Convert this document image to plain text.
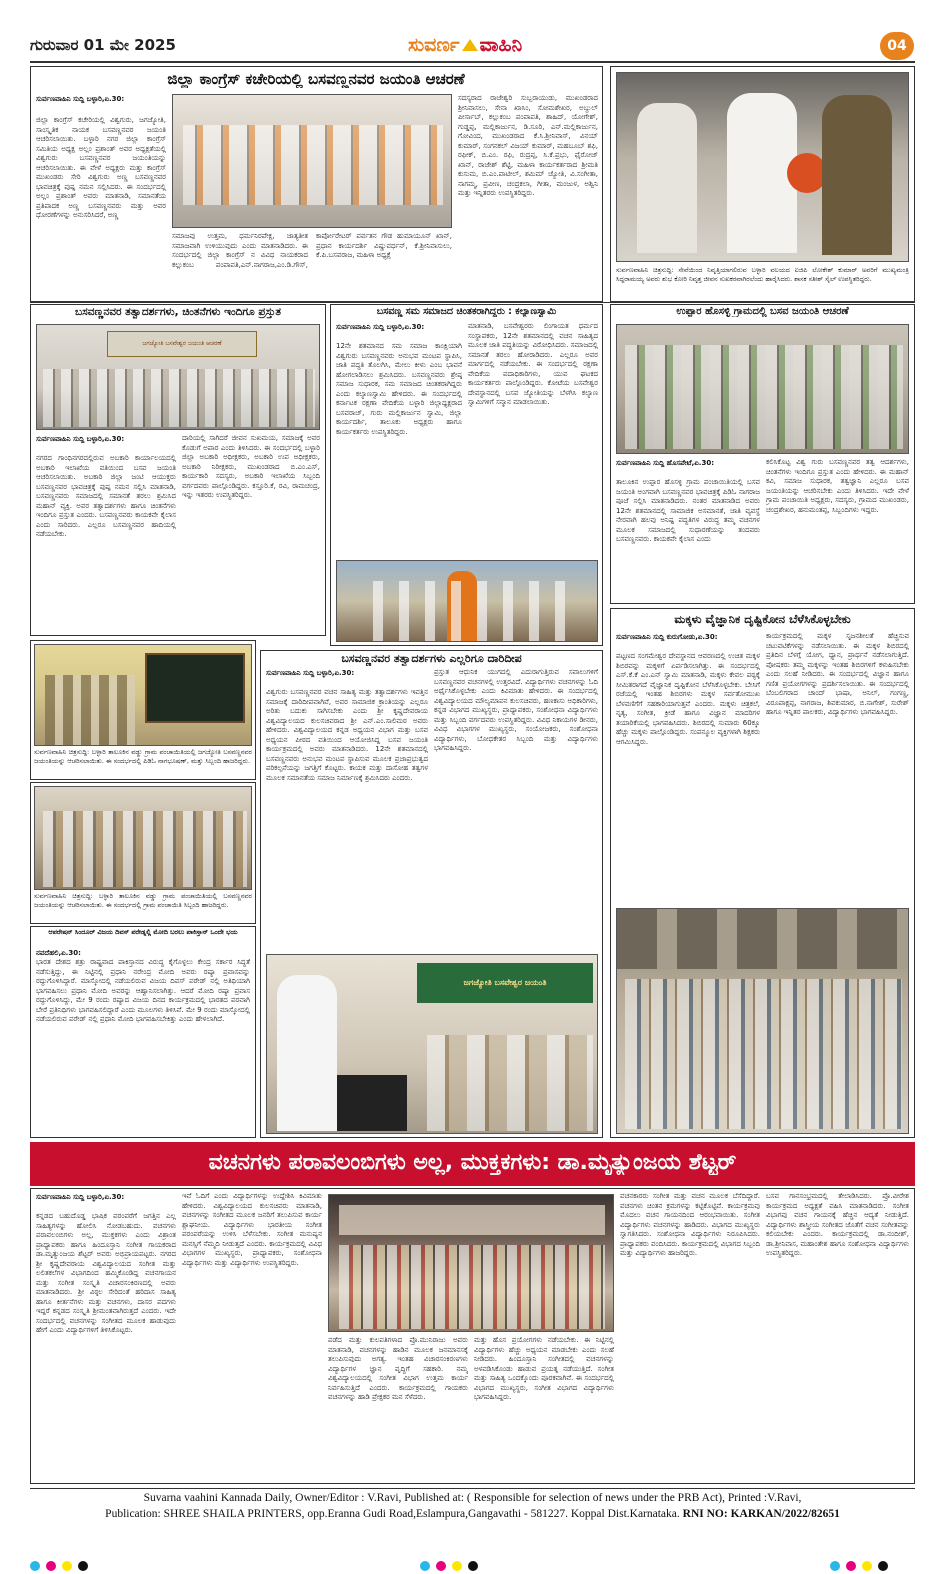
ಗುರುವಾರ 01 ಮೇ 2025	ಸುವರ್ಣ ವಾಹಿನಿ	04
ಜಿಲ್ಲಾ ಕಾಂಗ್ರೆಸ್ ಕಚೇರಿಯಲ್ಲಿ ಬಸವಣ್ಣನವರ ಜಯಂತಿ ಆಚರಣೆ
ಸುರ್ವಣವಾಹಿನಿ ಸುದ್ದಿ ಬಳ್ಳಾರಿ,ಏ.30:
ಜಿಲ್ಲಾ ಕಾಂಗ್ರೆಸ್ ಕಚೇರಿಯಲ್ಲಿ ವಿಶ್ವಗುರು, ಜಗಜ್ಯೋತಿ, ಸಾಂಸ್ಕೃತಿಕ ನಾಯಕ ಬಸವಣ್ಣನವರ ಜಯಂತಿ ಆಚರಿಸಲಾಯಿತು. ಬಳ್ಳಾರಿ ನಗರ ಜಿಲ್ಲಾ ಕಾಂಗ್ರೆಸ್ ಸಮಿತಿಯ ಅಧ್ಯಕ್ಷ ಅಲ್ಲಂ ಪ್ರಶಾಂತ್ ಅವರ ಅಧ್ಯಕ್ಷತೆಯಲ್ಲಿ ವಿಶ್ವಗುರು ಬಸವಣ್ಣನವರ ಜಯಂತಿಯನ್ನು ಆಚರಿಸಲಾಯಿತು. ಈ ವೇಳೆ ಅಧ್ಯಕ್ಷರು ಮತ್ತು ಕಾಂಗ್ರೆಸ್ ಮುಖಂಡರು ಸೇರಿ ವಿಶ್ವಗುರು ಅಣ್ಣ ಬಸವಣ್ಣನವರ ಭಾವಚಿತ್ರಕ್ಕೆ ಪುಷ್ಪ ನಮನ ಸಲ್ಲಿಸಿದರು. ಈ ಸಂದರ್ಭದಲ್ಲಿ ಅಲ್ಲಂ ಪ್ರಶಾಂತ್ ಅವರು ಮಾತನಾಡಿ, ಸಮಾನತೆಯ ಪ್ರತಿಪಾದಕ ಅಣ್ಣ ಬಸವಣ್ಣನವರು ಮತ್ತು ಅವರ ಧೋರಣೆಗಳನ್ನು ಅನುಸರಿಸಿದರೆ, ಅಣ್ಣ
ಸಮಾಜವು ಉತ್ತಮ, ಧರ್ಮನಿರಪೇಕ್ಷ, ಜಾತ್ಯತೀತ ಸಮಾಜವಾಗಿ ಉಳಿಯುವುದು ಎಂದು ಮಾತನಾಡಿದರು. ಈ ಸಂದರ್ಭದಲ್ಲಿ ಜಿಲ್ಲಾ ಕಾಂಗ್ರೆಸ್ ನ ವಿವಿಧ ನಾಯಕರಾದ ಕಲ್ಲುಕಂಬ ಪಂಪಾಪತಿ,ಎನ್.ನಾಗರಾಜ,ಎಂ.ಡಿ.ಗೌಸ್, ಕಾರ್ಪೋರೇಟರ್ ಪರ್ವತನ ಗೌಡ ಹುಮಾಯೂನ್ ಖಾನ್, ಪ್ರಧಾನ ಕಾರ್ಯದರ್ಶಿ ವಿಷ್ಣುವರ್ಧನ್, ಕೆ.ಶ್ರೀನಿವಾಸುಲು, ಕೆ.ಪಿ.ಬಸವರಾಜ, ಮಹಿಳಾ ಅಧ್ಯಕ್ಷೆ
ಸದಸ್ಯರಾದ ರಾಜೇಶ್ವರಿ ಸುಬ್ಬರಾಯುಡು, ಮುಖಂಡರಾದ ಶ್ರೀನಿವಾಸಲು, ಸೇನಾ ಖಾಸಿಂ, ಸೋಮಶೇಖರ, ಅಬ್ದುಲ್ ಪೀರ್ಸಾಬ್, ಕಲ್ಲುಕಂಬ ಪಂಪಾಪತಿ, ಶಾಹಿದ್, ಯೋಗೇಶ್, ಗುಡ್ಡಪ್ಪ, ಮಲ್ಲಿಕಾರ್ಜುನ, ಡಿ.ಸೂರಿ, ಎನ್.ಮಲ್ಲಿಕಾರ್ಜುನ, ಗೋವಿಂದ, ಮುಖಂಡರಾದ ಕೆ.ಸಿ.ಶ್ರೀನಿವಾಸ್, ವಿನಯ್ ಕುಮಾರ್, ಸಂಗನಕಲ್ ವಿಜಯ್ ಕುಮಾರ್, ಮಹಬೂಬ್ ಶಫಿ, ರಫೀಕ್, ಬಿ.ಎಂ. ರಫಿ, ರುದ್ರಪ್ಪ, ಸಿ.ಕೆ.ಪ್ರಭು, ಫೈರೋಜ್ ಖಾನ್, ರಾಜೇಶ್ ಶೆಟ್ಟಿ, ಮಹಿಳಾ ಕಾರ್ಯಕರ್ತರಾದ ಶ್ರೀಮತಿ ಕುಸುಮ, ಬಿ.ಎಂ.ಪಾಟೀಲ್, ಶಮಿಮ್ ಜ್ಯೋತಿ, ವಿ.ಸಂಗೀತಾ, ನಾಗಮ್ಮ, ಪ್ರವೀಣ, ಚಂದ್ರಕಲಾ, ಗೀತಾ, ಮಂಜುಳ, ಅಶ್ವಿನಿ ಮತ್ತು ಇನ್ನಿತರರು ಉಪಸ್ಥಿತರಿದ್ದರು.
ಸುರ್ವಣವಾಹಿನಿ ಚಿತ್ರಸುದ್ದಿ: ಸೇವೆಯಿಂದ ನಿವೃತ್ತಿಯಾಗಲಿರುವ ಬಳ್ಳಾರಿ ವಲಯದ ಐಜಿಪಿ ಲೋಕೇಶ್ ಕುಮಾರ್ ಅವರಿಗೆ ಮುಖ್ಯಮಂತ್ರಿ ಸಿದ್ದರಾಮಯ್ಯ ಅವರು ಶುಭ ಕೋರಿ ನಿವೃತ್ತ ಜೀವನ ಸುಖಕರವಾಗಿರಲೆಂದು ಹಾರೈಸಿದರು. ಶಾಸಕ ಸತೀಶ್ ಸೈಲ್ ಉಪಸ್ಥಿತರಿದ್ದರು.
ಬಸವಣ್ಣನವರ ತತ್ವಾದರ್ಶಗಳು, ಚಿಂತನೆಗಳು ಇಂದಿಗೂ ಪ್ರಸ್ತುತ
ಜಗಜ್ಯೋತಿ ಬಸವೇಶ್ವರ ಜಯಂತಿ ಆಚರಣೆ
ಸುರ್ವಣವಾಹಿನಿ ಸುದ್ದಿ ಬಳ್ಳಾರಿ,ಏ.30:
ನಗರದ ಗಾಂಧಿನಗರದಲ್ಲಿರುವ ಅಬಕಾರಿ ಕಾರ್ಯಾಲಯದಲ್ಲಿ ಅಬಕಾರಿ ಇಲಾಖೆಯ ವತಿಯಿಂದ ಬಸವ ಜಯಂತಿ ಆಚರಿಸಲಾಯಿತು. ಅಬಕಾರಿ ಜಿಲ್ಲಾ ಜಂಟಿ ಆಯುಕ್ತರು ಬಸವಣ್ಣನವರ ಭಾವಚಿತ್ರಕ್ಕೆ ಪುಷ್ಪ ನಮನ ಸಲ್ಲಿಸಿ ಮಾತನಾಡಿ, ಬಸವಣ್ಣನವರು ಸಮಾಜದಲ್ಲಿ ಸಮಾನತೆ ತರಲು ಶ್ರಮಿಸಿದ ಮಹಾನ್ ವ್ಯಕ್ತಿ. ಅವರ ತತ್ವಾದರ್ಶಗಳು ಹಾಗೂ ಚಿಂತನೆಗಳು ಇಂದಿಗೂ ಪ್ರಸ್ತುತ ಎಂದರು. ಬಸವಣ್ಣನವರು ಕಾಯಕವೇ ಕೈಲಾಸ ಎಂದು ಸಾರಿದರು. ಎಲ್ಲರೂ ಬಸವಣ್ಣನವರ ಹಾದಿಯಲ್ಲಿ ನಡೆಯಬೇಕು.
ದಾರಿಯಲ್ಲಿ ಸಾಗಿದರೆ ಜೀವನ ಸುಖಮಯ, ಸಮಾಜಕ್ಕೆ ಅವರ ಕೊಡುಗೆ ಅಪಾರ ಎಂದು ತಿಳಿಸಿದರು. ಈ ಸಂದರ್ಭದಲ್ಲಿ ಬಳ್ಳಾರಿ ಜಿಲ್ಲಾ ಅಬಕಾರಿ ಅಧೀಕ್ಷಕರು, ಅಬಕಾರಿ ಉಪ ಅಧೀಕ್ಷಕರು, ಅಬಕಾರಿ ನಿರೀಕ್ಷಕರು, ಮುಖಂಡರಾದ ಬಿ.ಎಂ.ಎಸ್, ಕಾರ್ಯಕಾರಿ ಸದಸ್ಯರು, ಅಬಕಾರಿ ಇಲಾಖೆಯ ಸಿಬ್ಬಂದಿ ವರ್ಗದವರು ಪಾಲ್ಗೊಂಡಿದ್ದರು. ಕಸ್ತೂರಿ.ಕೆ, ರವಿ, ರಾಮಚಂದ್ರ, ಇನ್ನು ಇತರರು ಉಪಸ್ಥಿತರಿದ್ದರು.
ಬಸವಣ್ಣ ಸಮ ಸಮಾಜದ ಚಿಂತಕರಾಗಿದ್ದರು : ಕಲ್ಯಾಣಸ್ವಾಮಿ
ಸುರ್ವಣವಾಹಿನಿ ಸುದ್ದಿ ಬಳ್ಳಾರಿ,ಏ.30:
12ನೇ ಶತಮಾನದ ಸಮ ಸಮಾಜ ಕಾಂಕ್ಷಿಯಾಗಿ ವಿಶ್ವಗುರು ಬಸವಣ್ಣನವರು ಅನುಭವ ಮಂಟಪ ಸ್ಥಾಪಿಸಿ, ಜಾತಿ ಪದ್ಧತಿ ತೊಲಗಿಸಿ, ಮೇಲು ಕೀಳು ಎಂಬ ಭಾವನೆ ಹೋಗಲಾಡಿಸಲು ಶ್ರಮಿಸಿದರು. ಬಸವಣ್ಣನವರು ಶ್ರೇಷ್ಠ ಸಮಾಜ ಸುಧಾರಕ, ಸಮ ಸಮಾಜದ ಚಿಂತಕರಾಗಿದ್ದರು ಎಂದು ಕಲ್ಯಾಣಸ್ವಾಮಿ ಹೇಳಿದರು. ಈ ಸಂದರ್ಭದಲ್ಲಿ ಕರ್ನಾಟಕ ರಕ್ಷಣಾ ವೇದಿಕೆಯ ಬಳ್ಳಾರಿ ಜಿಲ್ಲಾಧ್ಯಕ್ಷರಾದ ಬಸವರಾಜ್, ಗುರು ಮಲ್ಲಿಕಾರ್ಜುನ ಸ್ವಾಮಿ, ಜಿಲ್ಲಾ ಕಾರ್ಯದರ್ಶಿ, ತಾಲೂಕು ಅಧ್ಯಕ್ಷರು ಹಾಗೂ ಕಾರ್ಯಕರ್ತರು ಉಪಸ್ಥಿತರಿದ್ದರು.
ಮಾತನಾಡಿ, ಬಸವೇಶ್ವರರು ಲಿಂಗಾಯತ ಧರ್ಮದ ಸಂಸ್ಥಾಪಕರು, 12ನೇ ಶತಮಾನದಲ್ಲಿ ವಚನ ಸಾಹಿತ್ಯದ ಮೂಲಕ ಜಾತಿ ಪದ್ಧತಿಯನ್ನು ವಿರೋಧಿಸಿದರು. ಸಮಾಜದಲ್ಲಿ ಸಮಾನತೆ ತರಲು ಹೋರಾಡಿದರು. ಎಲ್ಲರೂ ಅವರ ಮಾರ್ಗದಲ್ಲಿ ನಡೆಯಬೇಕು. ಈ ಸಂದರ್ಭದಲ್ಲಿ ರಕ್ಷಣಾ ವೇದಿಕೆಯ ಪದಾಧಿಕಾರಿಗಳು, ಯುವ ಘಟಕದ ಕಾರ್ಯಕರ್ತರು ಪಾಲ್ಗೊಂಡಿದ್ದರು. ಕೋಟೆಯ ಬಸವೇಶ್ವರ ದೇವಸ್ಥಾನದಲ್ಲಿ ಬಸವ ಜ್ಯೋತಿಯನ್ನು ಬೆಳಗಿಸಿ ಕಲ್ಯಾಣ ಸ್ವಾಮಿಗಳಿಗೆ ಸನ್ಮಾನ ಮಾಡಲಾಯಿತು.
ಉಪ್ಪಾರ ಹೊಸಳ್ಳಿ ಗ್ರಾಮದಲ್ಲಿ ಬಸವ ಜಯಂತಿ ಆಚರಣೆ
ಸುರ್ವಣವಾಹಿನಿ ಸುದ್ದಿ ಹೊಸಪೇಟೆ,ಏ.30:
ತಾಲೂಕಿನ ಉಪ್ಪಾರ ಹೊಸಳ್ಳಿ ಗ್ರಾಮ ಪಂಚಾಯಿತಿಯಲ್ಲಿ ಬಸವ ಜಯಂತಿ ಅಂಗವಾಗಿ ಬಸವಣ್ಣನವರ ಭಾವಚಿತ್ರಕ್ಕೆ ಪಿಡಿಓ ನಾಗರಾಜ ಪೂಜೆ ಸಲ್ಲಿಸಿ ಮಾತನಾಡಿದರು. ನಂತರ ಮಾತನಾಡಿದ ಅವರು 12ನೇ ಶತಮಾನದಲ್ಲಿ ಸಾಮಾಜಿಕ ಅಸಮಾನತೆ, ಜಾತಿ ವ್ಯವಸ್ಥೆ ನೇರವಾಗಿ ಹಲವು ಅನಿಷ್ಟ ಪದ್ಧತಿಗಳ ವಿರುದ್ಧ ತಮ್ಮ ವಚನಗಳ ಮೂಲಕ ಸಮಾಜದಲ್ಲಿ ಸುಧಾರಣೆಯನ್ನು ತಂದವರು ಬಸವಣ್ಣನವರು. ಕಾಯಕವೇ ಕೈಲಾಸ ಎಂದು
ಕಲಿಸಿಕೊಟ್ಟ ವಿಶ್ವ ಗುರು ಬಸವಣ್ಣನವರ ತತ್ವ ಆದರ್ಶಗಳು, ಚಿಂತನೆಗಳು ಇಂದಿಗೂ ಪ್ರಸ್ತುತ ಎಂದು ಹೇಳಿದರು. ಈ ಮಹಾನ್ ಕವಿ, ಸಮಾಜ ಸುಧಾರಕ, ತತ್ವಜ್ಞಾನಿ ಎಲ್ಲರೂ ಬಸವ ಜಯಂತಿಯನ್ನು ಆಚರಿಸಬೇಕು ಎಂದು ತಿಳಿಸಿದರು. ಇದೇ ವೇಳೆ ಗ್ರಾಮ ಪಂಚಾಯಿತಿ ಅಧ್ಯಕ್ಷರು, ಸದಸ್ಯರು, ಗ್ರಾಮದ ಮುಖಂಡರು, ಚಂದ್ರಶೇಖರ, ಹನುಮಂತಪ್ಪ, ಸಿಬ್ಬಂದಿಗಳು ಇದ್ದರು.
ಸುರ್ವಣವಾಹಿನಿ ಚಿತ್ರಸುದ್ದಿ: ಬಳ್ಳಾರಿ ತಾಲೂಕಿನ ವಡ್ಡು ಗ್ರಾಮ ಪಂಚಾಯಿತಿಯಲ್ಲಿ ಜಗಜ್ಯೋತಿ ಬಸವಣ್ಣನವರ ಜಯಂತಿಯನ್ನು ಆಚರಿಸಲಾಯಿತು. ಈ ಸಂದರ್ಭದಲ್ಲಿ ಪಿಡಿಓ ನಾಗಭೂಷಣ್, ಮತ್ತು ಸಿಬ್ಬಂದಿ ಹಾಜರಿದ್ದರು.
ಸುರ್ವಣವಾಹಿನಿ ಚಿತ್ರಸುದ್ದಿ: ಬಳ್ಳಾರಿ ತಾಲೂಕಿನ ವಡ್ಡು ಗ್ರಾಮ ಪಂಚಾಯಿತಿಯಲ್ಲಿ ಬಸವಣ್ಣನವರ ಜಯಂತಿಯನ್ನು ಆಚರಿಸಲಾಯಿತು. ಈ ಸಂದರ್ಭದಲ್ಲಿ ಗ್ರಾಮ ಪಂಚಾಯಿತಿ ಸಿಬ್ಬಂದಿ ಹಾಜರಿದ್ದರು.
ಆಪರೇಷನ್ ಸಿಂದೂರ್ ವಿಜಯ ದಿವಸ್ ಪರೇಡ್ನಲ್ಲಿ ಮೋದಿ ಬರಲು ಪಾಕಿಸ್ತಾನ್ ಒಂದೇ ಭಯ
ನವದೆಹಲಿ,ಏ.30:
ಭಾರತ ದೇಶದ ಶತ್ರು ರಾಷ್ಟ್ರವಾದ ಪಾಕಿಸ್ತಾನದ ವಿರುದ್ಧ ಕೈಗೊಳ್ಳಲು ಕೇಂದ್ರ ಸರ್ಕಾರ ಸಿದ್ಧತೆ ನಡೆಸುತ್ತಿದ್ದು, ಈ ನಿಟ್ಟಿನಲ್ಲಿ ಪ್ರಧಾನಿ ನರೇಂದ್ರ ಮೋದಿ ಅವರು ರಷ್ಯಾ ಪ್ರವಾಸವನ್ನು ರದ್ದುಗೊಳಿಸಿದ್ದಾರೆ. ಮಾಸ್ಕೋದಲ್ಲಿ ನಡೆಯಲಿರುವ ವಿಜಯ ದಿವಸ್ ಪರೇಡ್ ನಲ್ಲಿ ಅತಿಥಿಯಾಗಿ ಭಾಗವಹಿಸಲು ಪ್ರಧಾನಿ ಮೋದಿ ಅವರನ್ನು ಆಹ್ವಾನಿಸಲಾಗಿತ್ತು. ಆದರೆ ಮೋದಿ ರಷ್ಯಾ ಪ್ರವಾಸ ರದ್ದುಗೊಳಿಸಿದ್ದು, ಮೇ 9 ರಂದು ರಷ್ಯಾದ ವಿಜಯ ದಿನದ ಕಾರ್ಯಕ್ರಮದಲ್ಲಿ ಭಾರತದ ಪರವಾಗಿ ಬೇರೆ ಪ್ರತಿನಿಧಿಗಳು ಭಾಗವಹಿಸಲಿದ್ದಾರೆ ಎಂದು ಮೂಲಗಳು ತಿಳಿಸಿವೆ. ಮೇ 9 ರಂದು ಮಾಸ್ಕೋದಲ್ಲಿ ನಡೆಯಲಿರುವ ಪರೇಡ್ ನಲ್ಲಿ ಪ್ರಧಾನಿ ಮೋದಿ ಭಾಗವಹಿಸಬೇಕಿತ್ತು ಎಂದು ಹೇಳಲಾಗಿದೆ.
ಬಸವಣ್ಣನವರ ತತ್ವಾದರ್ಶಗಳು ಎಲ್ಲರಿಗೂ ದಾರಿದೀಪ
ಸುರ್ವಣವಾಹಿನಿ ಸುದ್ದಿ ಬಳ್ಳಾರಿ,ಏ.30:
ವಿಶ್ವಗುರು ಬಸವಣ್ಣನವರ ವಚನ ಸಾಹಿತ್ಯ ಮತ್ತು ತತ್ವಾದರ್ಶಗಳು ಇವತ್ತಿನ ಸಮಾಜಕ್ಕೆ ದಾರಿದೀಪವಾಗಿವೆ, ಅವರ ಸಾಮಾಜಿಕ ಕ್ರಾಂತಿಯನ್ನು ಎಲ್ಲರೂ ಅರಿತು ಬದುಕು ಸಾಗಿಸಬೇಕು ಎಂದು ಶ್ರೀ ಕೃಷ್ಣದೇವರಾಯ ವಿಶ್ವವಿದ್ಯಾಲಯದ ಕುಲಸಚಿವರಾದ ಶ್ರೀ ಎನ್.ಎಂ.ಸಾಲಿಮಠ ಅವರು ಹೇಳಿದರು. ವಿಶ್ವವಿದ್ಯಾಲಯದ ಕನ್ನಡ ಅಧ್ಯಯನ ವಿಭಾಗ ಮತ್ತು ಬಸವ ಅಧ್ಯಯನ ಪೀಠದ ವತಿಯಿಂದ ಆಯೋಜಿಸಿದ್ದ ಬಸವ ಜಯಂತಿ ಕಾರ್ಯಕ್ರಮದಲ್ಲಿ ಅವರು ಮಾತನಾಡಿದರು. 12ನೇ ಶತಮಾನದಲ್ಲಿ ಬಸವಣ್ಣನವರು ಅನುಭವ ಮಂಟಪ ಸ್ಥಾಪಿಸುವ ಮೂಲಕ ಪ್ರಜಾಪ್ರಭುತ್ವದ ಪರಿಕಲ್ಪನೆಯನ್ನು ಜಗತ್ತಿಗೆ ಕೊಟ್ಟರು. ಕಾಯಕ ಮತ್ತು ದಾಸೋಹ ತತ್ವಗಳ ಮೂಲಕ ಸಮಾನತೆಯ ಸಮಾಜ ನಿರ್ಮಾಣಕ್ಕೆ ಶ್ರಮಿಸಿದರು ಎಂದರು.
ಪ್ರಸ್ತುತ ಆಧುನಿಕ ಯುಗದಲ್ಲಿ ಎದುರಾಗುತ್ತಿರುವ ಸವಾಲುಗಳಿಗೆ ಬಸವಣ್ಣನವರ ವಚನಗಳಲ್ಲಿ ಉತ್ತರವಿದೆ. ವಿದ್ಯಾರ್ಥಿಗಳು ವಚನಗಳನ್ನು ಓದಿ ಅರ್ಥೈಸಿಕೊಳ್ಳಬೇಕು ಎಂದು ಕಿವಿಮಾತು ಹೇಳಿದರು. ಈ ಸಂದರ್ಭದಲ್ಲಿ ವಿಶ್ವವಿದ್ಯಾಲಯದ ಮೌಲ್ಯಮಾಪನ ಕುಲಸಚಿವರು, ಹಣಕಾಸು ಅಧಿಕಾರಿಗಳು, ಕನ್ನಡ ವಿಭಾಗದ ಮುಖ್ಯಸ್ಥರು, ಪ್ರಾಧ್ಯಾಪಕರು, ಸಂಶೋಧನಾ ವಿದ್ಯಾರ್ಥಿಗಳು ಮತ್ತು ಸಿಬ್ಬಂದಿ ವರ್ಗದವರು ಉಪಸ್ಥಿತರಿದ್ದರು. ವಿವಿಧ ನಿಕಾಯಗಳ ಡೀನರು, ವಿವಿಧ ವಿಭಾಗಗಳ ಮುಖ್ಯಸ್ಥರು, ಸಂಯೋಜಕರು, ಸಂಶೋಧನಾ ವಿದ್ಯಾರ್ಥಿಗಳು, ಬೋಧಕೇತರ ಸಿಬ್ಬಂದಿ ಮತ್ತು ವಿದ್ಯಾರ್ಥಿಗಳು ಭಾಗವಹಿಸಿದ್ದರು.
ಜಗಜ್ಯೋತಿ ಬಸವೇಶ್ವರ ಜಯಂತಿ
ಮಕ್ಕಳು ವೈಜ್ಞಾನಿಕ ದೃಷ್ಟಿಕೋನ ಬೆಳೆಸಿಕೊಳ್ಳಬೇಕು
ಸುರ್ವಣವಾಹಿನಿ ಸುದ್ದಿ ಕುರುಗೋಡು,ಏ.30:
ಪಟ್ಟಣದ ಸಂಗಮೇಶ್ವರ ದೇವಸ್ಥಾನದ ಆವರಣದಲ್ಲಿ ಉಚಿತ ಮಕ್ಕಳ ಶಿಬಿರವನ್ನು ಮಕ್ಕಳಿಗೆ ಏರ್ಪಡಿಸಲಾಗಿತ್ತು. ಈ ಸಂದರ್ಭದಲ್ಲಿ ಎಸ್.ಕೆ.ಕೆ ಎಂ.ಎನ್ ಸ್ವಾಮಿ ಮಾತನಾಡಿ, ಮಕ್ಕಳು ಕೇವಲ ಪಠ್ಯಕ್ಕೆ ಸೀಮಿತರಾಗದೆ ವೈಜ್ಞಾನಿಕ ದೃಷ್ಟಿಕೋನ ಬೆಳೆಸಿಕೊಳ್ಳಬೇಕು. ಬೇಸಿಗೆ ರಜೆಯಲ್ಲಿ ಇಂತಹ ಶಿಬಿರಗಳು ಮಕ್ಕಳ ಸರ್ವತೋಮುಖ ಬೆಳವಣಿಗೆಗೆ ಸಹಕಾರಿಯಾಗುತ್ತವೆ ಎಂದರು. ಮಕ್ಕಳು ಚಿತ್ರಕಲೆ, ನೃತ್ಯ, ಸಂಗೀತ, ಕ್ರೀಡೆ ಹಾಗೂ ವಿಜ್ಞಾನ ಮಾದರಿಗಳ ತಯಾರಿಕೆಯಲ್ಲಿ ಭಾಗವಹಿಸಿದರು. ಶಿಬಿರದಲ್ಲಿ ಸುಮಾರು 60ಕ್ಕೂ ಹೆಚ್ಚು ಮಕ್ಕಳು ಪಾಲ್ಗೊಂಡಿದ್ದರು. ಸಂಪನ್ಮೂಲ ವ್ಯಕ್ತಿಗಳಾಗಿ ಶಿಕ್ಷಕರು ಆಗಮಿಸಿದ್ದರು.
ಕಾರ್ಯಕ್ರಮದಲ್ಲಿ ಮಕ್ಕಳ ಸೃಜನಶೀಲತೆ ಹೆಚ್ಚಿಸುವ ಚಟುವಟಿಕೆಗಳನ್ನು ನಡೆಸಲಾಯಿತು. ಈ ಮಕ್ಕಳ ಶಿಬಿರದಲ್ಲಿ ಪ್ರತಿದಿನ ಬೆಳಗ್ಗೆ ಯೋಗ, ಧ್ಯಾನ, ಪ್ರಾರ್ಥನೆ ನಡೆಸಲಾಗುತ್ತಿದೆ. ಪೋಷಕರು ತಮ್ಮ ಮಕ್ಕಳನ್ನು ಇಂತಹ ಶಿಬಿರಗಳಿಗೆ ಕಳುಹಿಸಬೇಕು ಎಂದು ಸಲಹೆ ನೀಡಿದರು. ಈ ಸಂದರ್ಭದಲ್ಲಿ ವಿಜ್ಞಾನ ಹಾಗೂ ಗಣಿತ ಪ್ರಯೋಗಗಳನ್ನು ಪ್ರದರ್ಶಿಸಲಾಯಿತು. ಈ ಸಂದರ್ಭದಲ್ಲಿ ಬೆಂಬಲಿಗರಾದ ಚಾಂದ್ ಭಾಷಾ, ಅನಿಲ್, ಗಂಗಣ್ಣ, ವಿರೂಪಾಕ್ಷಪ್ಪ, ನಾಗರಾಜ, ಶಿವಕುಮಾರ, ಬಿ.ನಾಗೇಶ್, ಸುರೇಶ್ ಹಾಗೂ ಇನ್ನಿತರ ಪಾಲಕರು, ವಿದ್ಯಾರ್ಥಿಗಳು ಭಾಗವಹಿಸಿದ್ದರು.
ವಚನಗಳು ಪರಾವಲಂಬಿಗಳು ಅಲ್ಲ, ಮುಕ್ತಕಗಳು: ಡಾ.ಮೃತ್ಯುಂಜಯ ಶೆಟ್ಟರ್
ಸುರ್ವಣವಾಹಿನಿ ಸುದ್ದಿ ಬಳ್ಳಾರಿ,ಏ.30:
ಕನ್ನಡದ ಬಹುದೊಡ್ಡ ಭಾಷಿಕ ಪರಂಪರೆಗೆ ಜಗತ್ತಿನ ಎಲ್ಲ ಸಾಹಿತ್ಯಗಳನ್ನು ಹೋಲಿಸಿ ನೋಡಬಹುದು. ವಚನಗಳು ಪರಾವಲಂಬಿಗಳು ಅಲ್ಲ, ಮುಕ್ತಕಗಳು ಎಂದು ವಿಶ್ರಾಂತ ಪ್ರಾಧ್ಯಾಪಕರು ಹಾಗೂ ಹಿಂದೂಸ್ತಾನಿ ಸಂಗೀತ ಗಾಯಕರಾದ ಡಾ.ಮೃತ್ಯುಂಜಯ ಶೆಟ್ಟರ್ ಅವರು ಅಭಿಪ್ರಾಯಪಟ್ಟರು. ನಗರದ ಶ್ರೀ ಕೃಷ್ಣದೇವರಾಯ ವಿಶ್ವವಿದ್ಯಾಲಯದ ಸಂಗೀತ ಮತ್ತು ಲಲಿತಕಲೆಗಳ ವಿಭಾಗದಿಂದ ಹಮ್ಮಿಕೊಂಡಿದ್ದ ವಚನಗಾಯನ ಮತ್ತು ಸಂಗೀತ ಸಂಸ್ಕೃತಿ ವಿಚಾರಸಂಕಿರಣದಲ್ಲಿ ಅವರು ಮಾತನಾಡಿದರು. ಶ್ರೀ ವಿಠ್ಠಲ ಸೇರಿದಂತೆ ಹರಿದಾಸ ಸಾಹಿತ್ಯ ಹಾಗೂ ಕೀರ್ತನೆಗಳು ಮತ್ತು ವಚನಗಳು, ದಾಸರ ಪದಗಳು ಇದ್ದರೆ ಕನ್ನಡದ ಸಂಸ್ಕೃತಿ ಶ್ರೀಮಂತವಾಗಿರುತ್ತದೆ ಎಂದರು. ಇದೇ ಸಂದರ್ಭದಲ್ಲಿ ವಚನಗಳನ್ನು ಸಂಗೀತದ ಮೂಲಕ ಹಾಡುವುದು ಹೇಗೆ ಎಂದು ವಿದ್ಯಾರ್ಥಿಗಳಿಗೆ ತಿಳಿಸಿಕೊಟ್ಟರು.
ಇವೆ ಓದಿಗೆ ಎಂದು ವಿದ್ಯಾರ್ಥಿಗಳನ್ನು ಉದ್ದೇಶಿಸಿ ಕಿವಿಮಾತು ಹೇಳಿದರು. ವಿಶ್ವವಿದ್ಯಾಲಯದ ಕುಲಸಚಿವರು ಮಾತನಾಡಿ, ವಚನಗಳನ್ನು ಸಂಗೀತದ ಮೂಲಕ ಜನರಿಗೆ ತಲುಪಿಸುವ ಕಾರ್ಯ ಶ್ಲಾಘನೀಯ. ವಿದ್ಯಾರ್ಥಿಗಳು ಭಾರತೀಯ ಸಂಗೀತ ಪರಂಪರೆಯನ್ನು ಉಳಿಸಿ ಬೆಳೆಸಬೇಕು. ಸಂಗೀತ ಮನುಷ್ಯನ ಮನಸ್ಸಿಗೆ ನೆಮ್ಮದಿ ನೀಡುತ್ತದೆ ಎಂದರು. ಕಾರ್ಯಕ್ರಮದಲ್ಲಿ ವಿವಿಧ ವಿಭಾಗಗಳ ಮುಖ್ಯಸ್ಥರು, ಪ್ರಾಧ್ಯಾಪಕರು, ಸಂಶೋಧನಾ ವಿದ್ಯಾರ್ಥಿಗಳು ಮತ್ತು ವಿದ್ಯಾರ್ಥಿಗಳು ಉಪಸ್ಥಿತರಿದ್ದರು.
ಪಡೆದ ಮತ್ತು ಕುಲಪತಿಗಳಾದ ಪ್ರೊ.ಮುನಿರಾಜು ಅವರು ಮಾತನಾಡಿ, ವಚನಗಳನ್ನು ಹಾಡಿನ ಮೂಲಕ ಜನಮಾನಸಕ್ಕೆ ತಲುಪಿಸುವುದು ಅಗತ್ಯ. ಇಂತಹ ವಿಚಾರಸಂಕಿರಣಗಳು ವಿದ್ಯಾರ್ಥಿಗಳ ಜ್ಞಾನ ವೃದ್ಧಿಗೆ ಸಹಕಾರಿ. ನಮ್ಮ ವಿಶ್ವವಿದ್ಯಾಲಯದಲ್ಲಿ ಸಂಗೀತ ವಿಭಾಗ ಉತ್ತಮ ಕಾರ್ಯ ನಿರ್ವಹಿಸುತ್ತಿದೆ ಎಂದರು. ಕಾರ್ಯಕ್ರಮದಲ್ಲಿ ಗಾಯಕರು ವಚನಗಳನ್ನು ಹಾಡಿ ಪ್ರೇಕ್ಷಕರ ಮನ ಸೆಳೆದರು.
ಮತ್ತು ಹೊಸ ಪ್ರಯೋಗಗಳು ನಡೆಯಬೇಕು. ಈ ನಿಟ್ಟಿನಲ್ಲಿ ವಿದ್ಯಾರ್ಥಿಗಳು ಹೆಚ್ಚು ಅಧ್ಯಯನ ಮಾಡಬೇಕು ಎಂದು ಸಲಹೆ ನೀಡಿದರು. ಹಿಂದೂಸ್ತಾನಿ ಸಂಗೀತದಲ್ಲಿ ವಚನಗಳನ್ನು ಅಳವಡಿಸಿಕೊಂಡು ಹಾಡುವ ಪ್ರಯತ್ನ ನಡೆಯುತ್ತಿದೆ. ಸಂಗೀತ ಮತ್ತು ಸಾಹಿತ್ಯ ಒಂದಕ್ಕೊಂದು ಪೂರಕವಾಗಿವೆ. ಈ ಸಂದರ್ಭದಲ್ಲಿ ವಿಭಾಗದ ಮುಖ್ಯಸ್ಥರು, ಸಂಗೀತ ವಿಭಾಗದ ವಿದ್ಯಾರ್ಥಿಗಳು ಭಾಗವಹಿಸಿದ್ದರು.
ವಚನಕಾರರು ಸಂಗೀತ ಮತ್ತು ವಚನ ಮೂಲಕ ಬೆಸೆದಿದ್ದಾರೆ. ವಚನಗಳು ಚಿಂತನ ಕ್ರಮಗಳನ್ನು ಕಟ್ಟಿಕೊಟ್ಟಿವೆ. ಕಾರ್ಯಕ್ರಮವು ಮೊದಲು ವಚನ ಗಾಯನದಿಂದ ಆರಂಭವಾಯಿತು. ಸಂಗೀತ ವಿದ್ಯಾರ್ಥಿಗಳು ವಚನಗಳನ್ನು ಹಾಡಿದರು. ವಿಭಾಗದ ಮುಖ್ಯಸ್ಥರು ಸ್ವಾಗತಿಸಿದರು. ಸಂಶೋಧನಾ ವಿದ್ಯಾರ್ಥಿಗಳು ನಿರೂಪಿಸಿದರು. ಪ್ರಾಧ್ಯಾಪಕರು ವಂದಿಸಿದರು. ಕಾರ್ಯಕ್ರಮದಲ್ಲಿ ವಿಭಾಗದ ಸಿಬ್ಬಂದಿ ಮತ್ತು ವಿದ್ಯಾರ್ಥಿಗಳು ಹಾಜರಿದ್ದರು.
ಬಸವ ಗಾನಸಂಭ್ರಮದಲ್ಲಿ ತೇಲಾಡಿಸಿದರು. ಪ್ರೊ.ವೀರೇಶ ಕಾರ್ಯಕ್ರಮದ ಅಧ್ಯಕ್ಷತೆ ವಹಿಸಿ ಮಾತನಾಡಿದರು. ಸಂಗೀತ ವಿಭಾಗವು ವಚನ ಗಾಯನಕ್ಕೆ ಹೆಚ್ಚಿನ ಆದ್ಯತೆ ನೀಡುತ್ತಿದೆ. ವಿದ್ಯಾರ್ಥಿಗಳು ಶಾಸ್ತ್ರೀಯ ಸಂಗೀತದ ಜೊತೆಗೆ ವಚನ ಸಂಗೀತವನ್ನು ಕಲಿಯಬೇಕು ಎಂದರು. ಕಾರ್ಯಕ್ರಮದಲ್ಲಿ ಡಾ.ನಂದೀಶ್, ಡಾ.ಶ್ರೀನಿವಾಸ, ಮಹಾಂತೇಶ ಹಾಗೂ ಸಂಶೋಧನಾ ವಿದ್ಯಾರ್ಥಿಗಳು ಉಪಸ್ಥಿತರಿದ್ದರು.
Suvarna vaahini Kannada Daily, Owner/Editor : V.Ravi, Published at: ( Responsible for selection of news under the PRB Act), Printed :V.Ravi,
Publication: SHREE SHAILA PRINTERS, opp.Eranna Gudi Road,Eslampura,Gangavathi - 581227. Koppal Dist.Karnataka. RNI NO: KARKAN/2022/82651
